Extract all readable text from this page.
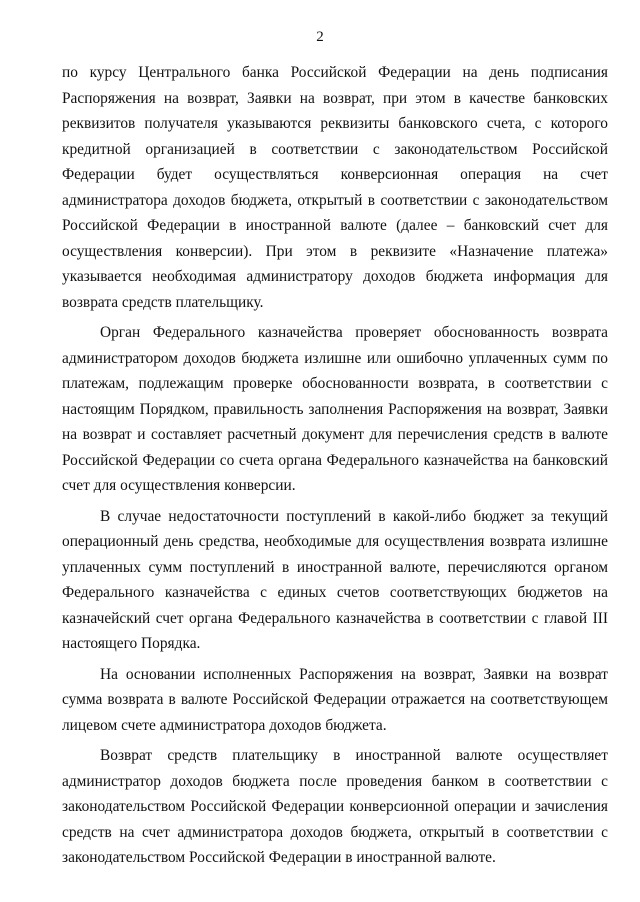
2

по курсу Центрального банка Российской Федерации на день подписания Распоряжения на возврат, Заявки на возврат, при этом в качестве банковских реквизитов получателя указываются реквизиты банковского счета, с которого кредитной организацией в соответствии с законодательством Российской Федерации будет осуществляться конверсионная операция на счет администратора доходов бюджета, открытый в соответствии с законодательством Российской Федерации в иностранной валюте (далее – банковский счет для осуществления конверсии). При этом в реквизите «Назначение платежа» указывается необходимая администратору доходов бюджета информация для возврата средств плательщику.

Орган Федерального казначейства проверяет обоснованность возврата администратором доходов бюджета излишне или ошибочно уплаченных сумм по платежам, подлежащим проверке обоснованности возврата, в соответствии с настоящим Порядком, правильность заполнения Распоряжения на возврат, Заявки на возврат и составляет расчетный документ для перечисления средств в валюте Российской Федерации со счета органа Федерального казначейства на банковский счет для осуществления конверсии.

В случае недостаточности поступлений в какой-либо бюджет за текущий операционный день средства, необходимые для осуществления возврата излишне уплаченных сумм поступлений в иностранной валюте, перечисляются органом Федерального казначейства с единых счетов соответствующих бюджетов на казначейский счет органа Федерального казначейства в соответствии с главой III настоящего Порядка.

На основании исполненных Распоряжения на возврат, Заявки на возврат сумма возврата в валюте Российской Федерации отражается на соответствующем лицевом счете администратора доходов бюджета.

Возврат средств плательщику в иностранной валюте осуществляет администратор доходов бюджета после проведения банком в соответствии с законодательством Российской Федерации конверсионной операции и зачисления средств на счет администратора доходов бюджета, открытый в соответствии с законодательством Российской Федерации в иностранной валюте.
